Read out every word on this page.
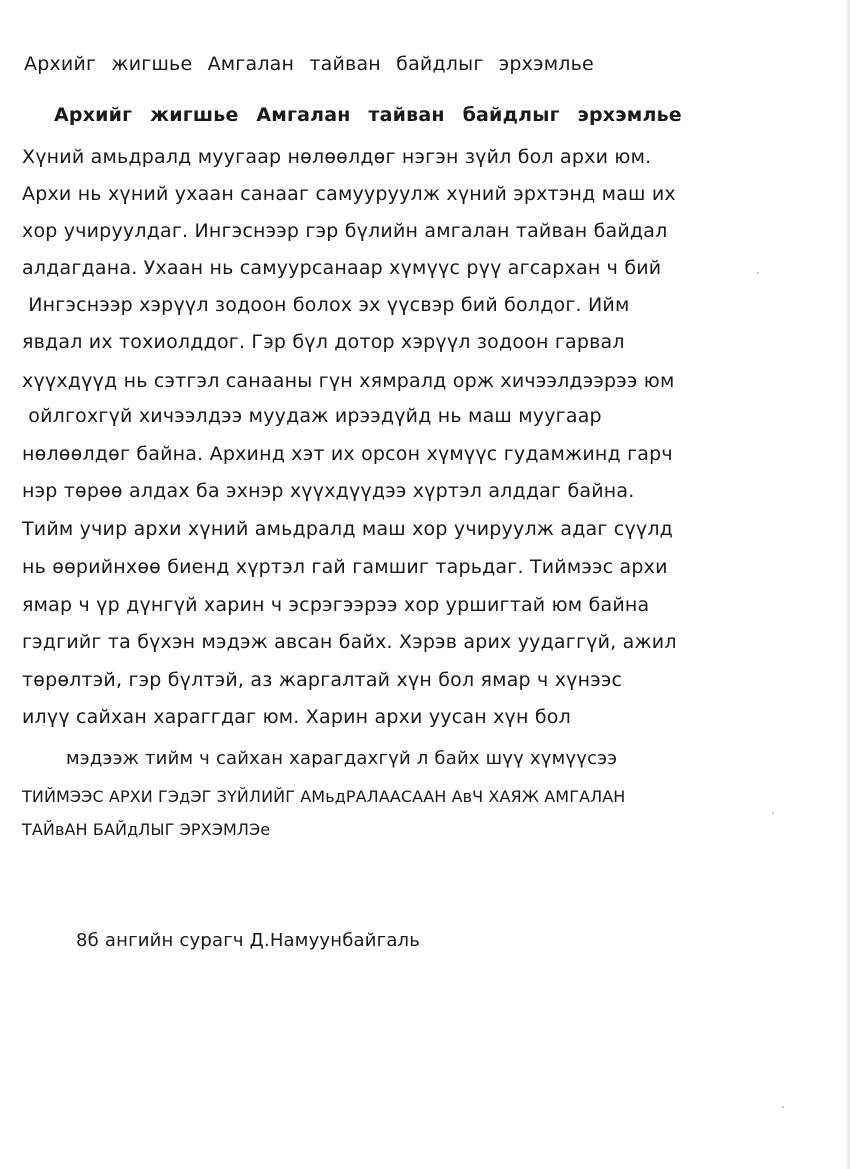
Архийг жигшье Амгалан тайван байдлыг эрхэмлье

Архийг жигшье Амгалан тайван байдлыг эрхэмлье

Хүний амьдралд муугаар нөлөөлдөг нэгэн зүйл бол архи юм.

Архи нь хүний ухаан санааг самууруулж хүний эрхтэнд маш их

хор учируулдаг. Ингэснээр гэр бүлийн амгалан тайван байдал

алдагдана. Ухаан нь самуурсанаар хүмүүс рүү агсархан ч бий

Ингэснээр хэрүүл зодоон болох эх үүсвэр бий болдог. Ийм

явдал их тохиолддог. Гэр бүл дотор хэрүүл зодоон гарвал

хүүхдүүд нь сэтгэл санааны гүн хямралд орж хичээлдээрээ юм

ойлгохгүй хичээлдээ муудаж ирээдүйд нь маш муугаар

нөлөөлдөг байна. Архинд хэт их орсон хүмүүс гудамжинд гарч

нэр төрөө алдах ба эхнэр хүүхдүүдээ хүртэл алддаг байна.

Тийм учир архи хүний амьдралд маш хор учируулж адаг сүүлд

нь өөрийнхөө биенд хүртэл гай гамшиг тарьдаг. Тиймээс архи

ямар ч үр дүнгүй харин ч эсрэгээрээ хор уршигтай юм байна

гэдгийг та бүхэн мэдэж авсан байх. Хэрэв арих уудаггүй, ажил

төрөлтэй, гэр бүлтэй, аз жаргалтай хүн бол ямар ч хүнээс

илүү сайхан хараггдаг юм. Харин архи уусан хүн бол

мэдээж тийм ч сайхан харагдахгүй л байх шүү хүмүүсээ

ТИЙМЭЭС АРХИ ГЭдЭГ ЗҮЙЛИЙГ АМьдРАЛААСААН АвЧ ХАЯЖ АМГАЛАН

ТАЙвАН БАЙдЛЫГ ЭРХЭМЛЭе

8б ангийн сурагч Д.Намуунбайгаль
